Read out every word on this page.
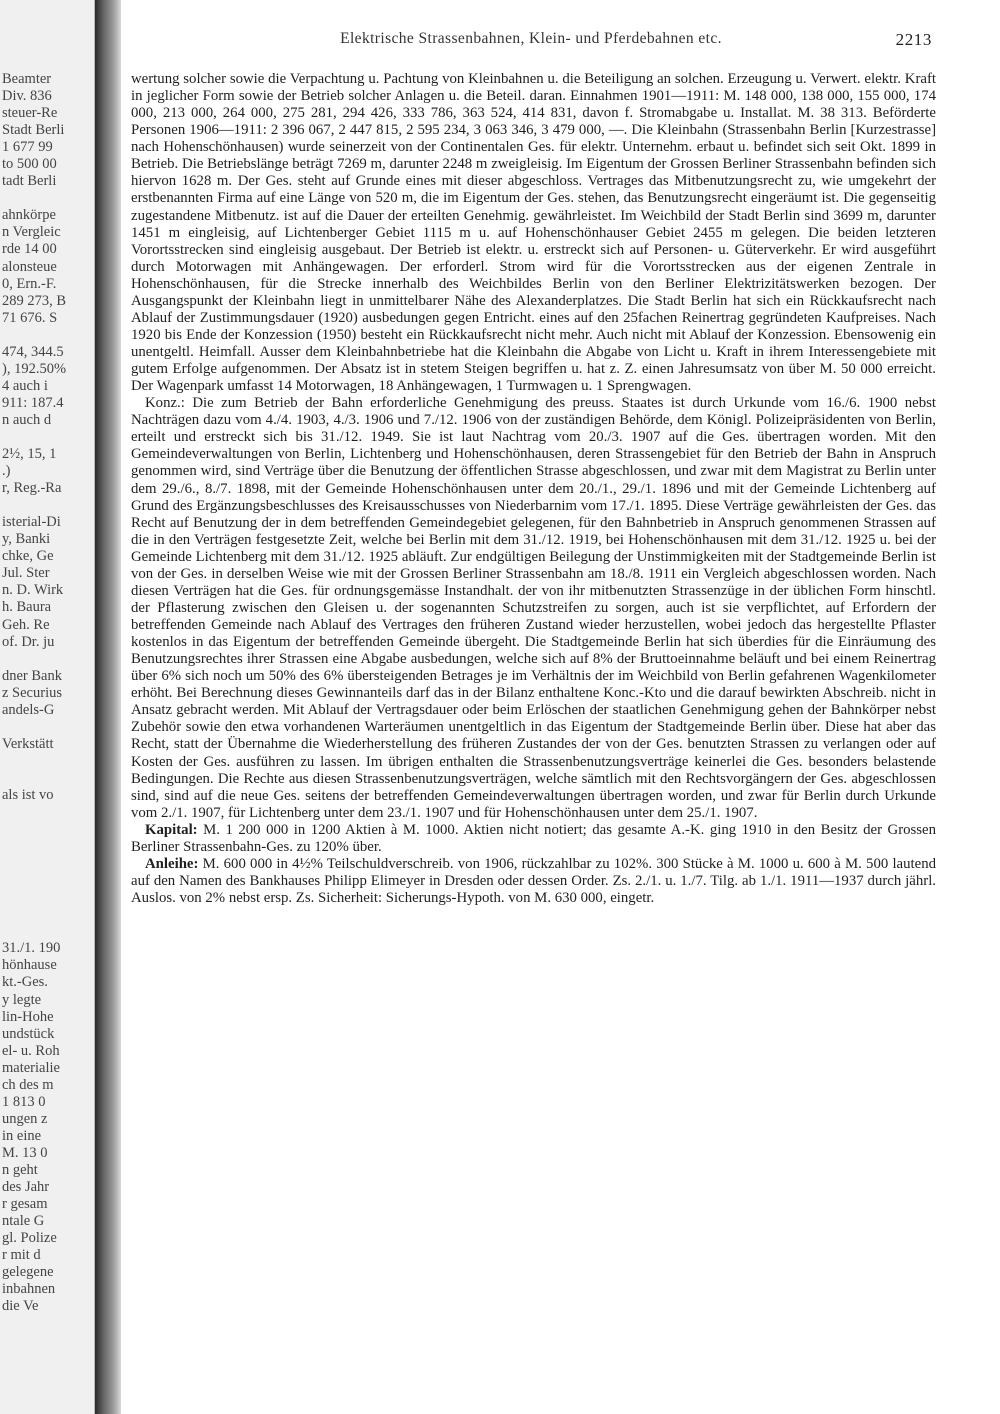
Beamter
Div. 836
steuer-Re
Stadt Berli
1 677 99
to 500 00
tadt Berli
ahnkörpe
n Vergleic
rde 14 00
alonsteue
0, Ern.-F.
289 273, B
71 676. S
474, 344.5
), 192.50%
4 auch i
911: 187.4
n auch d
2½, 15, 1
.)
r, Reg.-Ra
isterial-Di
y, Banki
chke, Ge
Jul. Ster
n. D. Wirk
h. Baura
Geh. Re
of. Dr. ju
dner Bank
z Securius
andels-G
Verkstätt
als ist vo
31./1. 190
hönhause
kt.-Ges.
y legte
lin-Hohe
undstück
el- u. Roh
materialie
ch des m
1 813 0
ungen z
in eine
M. 13 0
n geht
des Jahr
r gesam
ntale G
gl. Polize
r mit d
gelegene
inbahnen
die Ve
Elektrische Strassenbahnen, Klein- und Pferdebahnen etc.	2213

wertung solcher sowie die Verpachtung u. Pachtung von Kleinbahnen u. die Beteiligung an solchen. Erzeugung u. Verwert. elektr. Kraft in jeglicher Form sowie der Betrieb solcher Anlagen u. die Beteil. daran. Einnahmen 1901—1911: M. 148 000, 138 000, 155 000, 174 000, 213 000, 264 000, 275 281, 294 426, 333 786, 363 524, 414 831, davon f. Stromabgabe u. Installat. M. 38 313. Beförderte Personen 1906—1911: 2 396 067, 2 447 815, 2 595 234, 3 063 346, 3 479 000, —. Die Kleinbahn (Strassenbahn Berlin [Kurzestrasse] nach Hohenschönhausen) wurde seinerzeit von der Continentalen Ges. für elektr. Unternehm. erbaut u. befindet sich seit Okt. 1899 in Betrieb. Die Betriebslänge beträgt 7269 m, darunter 2248 m zweigleisig. Im Eigentum der Grossen Berliner Strassenbahn befinden sich hiervon 1628 m. Der Ges. steht auf Grunde eines mit dieser abgeschloss. Vertrages das Mitbenutzungsrecht zu, wie umgekehrt der erstbenannten Firma auf eine Länge von 520 m, die im Eigentum der Ges. stehen, das Benutzungsrecht eingeräumt ist. Die gegenseitig zugestandene Mitbenutz. ist auf die Dauer der erteilten Genehmig. gewährleistet. Im Weichbild der Stadt Berlin sind 3699 m, darunter 1451 m eingleisig, auf Lichtenberger Gebiet 1115 m u. auf Hohenschönhauser Gebiet 2455 m gelegen. Die beiden letzteren Vorortsstrecken sind eingleisig ausgebaut. Der Betrieb ist elektr. u. erstreckt sich auf Personen- u. Güterverkehr. Er wird ausgeführt durch Motorwagen mit Anhängewagen. Der erforderl. Strom wird für die Vorortsstrecken aus der eigenen Zentrale in Hohenschönhausen, für die Strecke innerhalb des Weichbildes Berlin von den Berliner Elektrizitätswerken bezogen. Der Ausgangspunkt der Kleinbahn liegt in unmittelbarer Nähe des Alexanderplatzes. Die Stadt Berlin hat sich ein Rückkaufsrecht nach Ablauf der Zustimmungsdauer (1920) ausbedungen gegen Entricht. eines auf den 25fachen Reinertrag gegründeten Kaufpreises. Nach 1920 bis Ende der Konzession (1950) besteht ein Rückkaufsrecht nicht mehr. Auch nicht mit Ablauf der Konzession. Ebensowenig ein unentgeltl. Heimfall. Ausser dem Kleinbahnbetriebe hat die Kleinbahn die Abgabe von Licht u. Kraft in ihrem Interessengebiete mit gutem Erfolge aufgenommen. Der Absatz ist in stetem Steigen begriffen u. hat z. Z. einen Jahresumsatz von über M. 50 000 erreicht. Der Wagenpark umfasst 14 Motorwagen, 18 Anhängewagen, 1 Turmwagen u. 1 Sprengwagen.

Konz.: Die zum Betrieb der Bahn erforderliche Genehmigung des preuss. Staates ist durch Urkunde vom 16./6. 1900 nebst Nachträgen dazu vom 4./4. 1903, 4./3. 1906 und 7./12. 1906 von der zuständigen Behörde, dem Königl. Polizeipräsidenten von Berlin, erteilt und erstreckt sich bis 31./12. 1949. Sie ist laut Nachtrag vom 20./3. 1907 auf die Ges. übertragen worden. Mit den Gemeindeverwaltungen von Berlin, Lichtenberg und Hohenschönhausen, deren Strassengebiet für den Betrieb der Bahn in Anspruch genommen wird, sind Verträge über die Benutzung der öffentlichen Strasse abgeschlossen, und zwar mit dem Magistrat zu Berlin unter dem 29./6., 8./7. 1898, mit der Gemeinde Hohenschönhausen unter dem 20./1., 29./1. 1896 und mit der Gemeinde Lichtenberg auf Grund des Ergänzungsbeschlusses des Kreisausschusses von Niederbarnim vom 17./1. 1895. Diese Verträge gewährleisten der Ges. das Recht auf Benutzung der in dem betreffenden Gemeindegebiet gelegenen, für den Bahnbetrieb in Anspruch genommenen Strassen auf die in den Verträgen festgesetzte Zeit, welche bei Berlin mit dem 31./12. 1919, bei Hohenschönhausen mit dem 31./12. 1925 u. bei der Gemeinde Lichtenberg mit dem 31./12. 1925 abläuft. Zur endgültigen Beilegung der Unstimmigkeiten mit der Stadtgemeinde Berlin ist von der Ges. in derselben Weise wie mit der Grossen Berliner Strassenbahn am 18./8. 1911 ein Vergleich abgeschlossen worden. Nach diesen Verträgen hat die Ges. für ordnungsgemässe Instandhalt. der von ihr mitbenutzten Strassenzüge in der üblichen Form hinschtl. der Pflasterung zwischen den Gleisen u. der sogenannten Schutzstreifen zu sorgen, auch ist sie verpflichtet, auf Erfordern der betreffenden Gemeinde nach Ablauf des Vertrages den früheren Zustand wieder herzustellen, wobei jedoch das hergestellte Pflaster kostenlos in das Eigentum der betreffenden Gemeinde übergeht. Die Stadtgemeinde Berlin hat sich überdies für die Einräumung des Benutzungsrechtes ihrer Strassen eine Abgabe ausbedungen, welche sich auf 8% der Bruttoeinnahme beläuft und bei einem Reinertrag über 6% sich noch um 50% des 6% übersteigenden Betrages je im Verhältnis der im Weichbild von Berlin gefahrenen Wagenkilometer erhöht. Bei Berechnung dieses Gewinnanteils darf das in der Bilanz enthaltene Konc.-Kto und die darauf bewirkten Abschreib. nicht in Ansatz gebracht werden. Mit Ablauf der Vertragsdauer oder beim Erlöschen der staatlichen Genehmigung gehen der Bahnkörper nebst Zubehör sowie den etwa vorhandenen Warteräumen unentgeltlich in das Eigentum der Stadtgemeinde Berlin über. Diese hat aber das Recht, statt der Übernahme die Wiederherstellung des früheren Zustandes der von der Ges. benutzten Strassen zu verlangen oder auf Kosten der Ges. ausführen zu lassen. Im übrigen enthalten die Strassenbenutzungsverträge keinerlei die Ges. besonders belastende Bedingungen. Die Rechte aus diesen Strassenbenutzungsverträgen, welche sämtlich mit den Rechtsvorgängern der Ges. abgeschlossen sind, sind auf die neue Ges. seitens der betreffenden Gemeindeverwaltungen übertragen worden, und zwar für Berlin durch Urkunde vom 2./1. 1907, für Lichtenberg unter dem 23./1. 1907 und für Hohenschönhausen unter dem 25./1. 1907.

Kapital: M. 1 200 000 in 1200 Aktien à M. 1000. Aktien nicht notiert; das gesamte A.-K. ging 1910 in den Besitz der Grossen Berliner Strassenbahn-Ges. zu 120% über.

Anleihe: M. 600 000 in 4½% Teilschuldverschreib. von 1906, rückzahlbar zu 102%. 300 Stücke à M. 1000 u. 600 à M. 500 lautend auf den Namen des Bankhauses Philipp Elimeyer in Dresden oder dessen Order. Zs. 2./1. u. 1./7. Tilg. ab 1./1. 1911—1937 durch jährl. Auslos. von 2% nebst ersp. Zs. Sicherheit: Sicherungs-Hypoth. von M. 630 000, eingetr.
